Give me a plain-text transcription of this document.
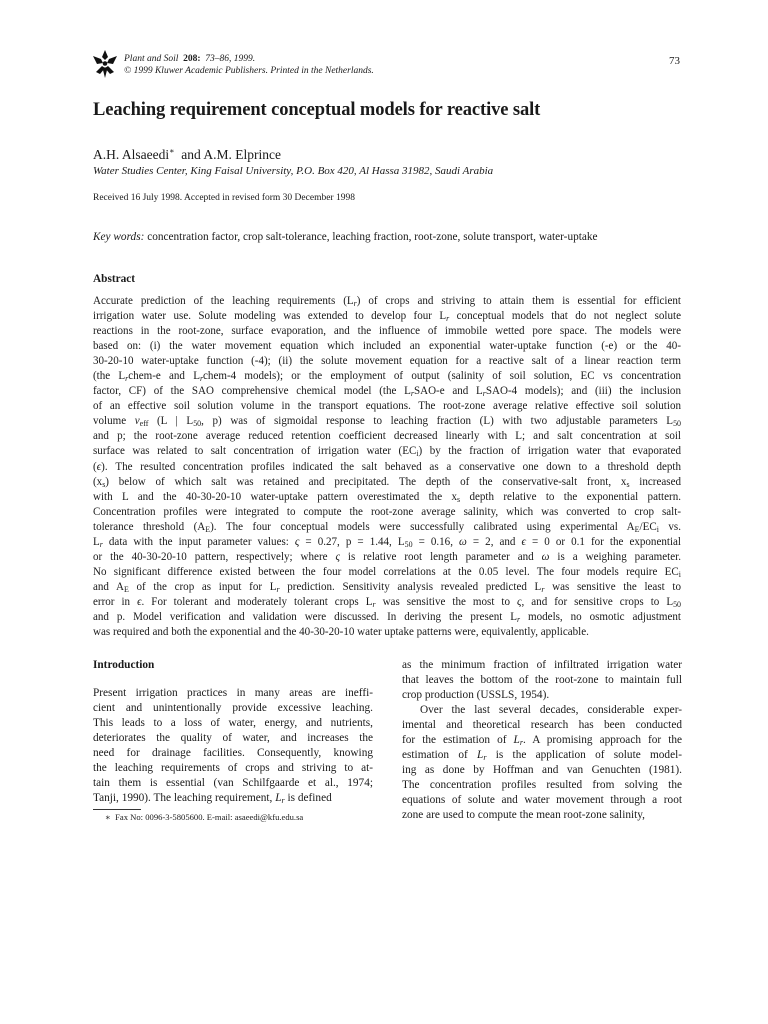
Plant and Soil 208: 73–86, 1999.
© 1999 Kluwer Academic Publishers. Printed in the Netherlands.
73
Leaching requirement conceptual models for reactive salt
A.H. Alsaeedi∗ and A.M. Elprince
Water Studies Center, King Faisal University, P.O. Box 420, Al Hassa 31982, Saudi Arabia
Received 16 July 1998. Accepted in revised form 30 December 1998
Key words: concentration factor, crop salt-tolerance, leaching fraction, root-zone, solute transport, water-uptake
Abstract
Accurate prediction of the leaching requirements $(L_r)$ of crops and striving to attain them is essential for efficient
irrigation water use. Solute modeling was extended to develop four $L_r$ conceptual models that do not neglect solute
reactions in the root-zone, surface evaporation, and the influence of immobile wetted pore space. The models were
based on: (i) the water movement equation which included an exponential water-uptake function (-e) or the 40-
30-20-10 water-uptake function (-4); (ii) the solute movement equation for a reactive salt of a linear reaction term
(the $L_rchem-e$ and $L_rchem-4$ models); or the employment of output (salinity of soil solution, EC vs concentration
factor, CF) of the SAO comprehensive chemical model (the $L_rSAO-e$ and $L_rSAO-4$ models); and (iii) the inclusion
of an effective soil solution volume in the transport equations. The root-zone average relative effective soil solution
volume $v_{eff}$ (L | $L_{50}$, p) was of sigmoidal response to leaching fraction (L) with two adjustable parameters $L_{50}$
and p; the root-zone average reduced retention coefficient decreased linearly with L; and salt concentration at soil
surface was related to salt concentration of irrigation water $(EC_i)$ by the fraction of irrigation water that evaporated
(ϵ). The resulted concentration profiles indicated the salt behaved as a conservative one down to a threshold depth
$(x_s)$ below of which salt was retained and precipitated. The depth of the conservative-salt front, $x_s$ increased
with L and the 40-30-20-10 water-uptake pattern overestimated the $x_s$ depth relative to the exponential pattern.
Concentration profiles were integrated to compute the root-zone average salinity, which was converted to crop salt-
tolerance threshold $(A_E)$. The four conceptual models were successfully calibrated using experimental $A_E/EC_i$ vs.
$L_r$ data with the input parameter values: ς = 0.27, p = 1.44, $L_{50} = 0.16$, ω = 2, and ϵ = 0 or 0.1 for the exponential
or the 40-30-20-10 pattern, respectively; where ς is relative root length parameter and ω is a weighing parameter.
No significant difference existed between the four model correlations at the 0.05 level. The four models require $EC_i$
and $A_E$ of the crop as input for $L_r$ prediction. Sensitivity analysis revealed predicted $L_r$ was sensitive the least to
error in ϵ. For tolerant and moderately tolerant crops $L_r$ was sensitive the most to ς, and for sensitive crops to $L_{50}$
and p. Model verification and validation were discussed. In deriving the present $L_r$ models, no osmotic adjustment
was required and both the exponential and the 40-30-20-10 water uptake patterns were, equivalently, applicable.
Introduction
Present irrigation practices in many areas are ineffi-
cient and unintentionally provide excessive leaching.
This leads to a loss of water, energy, and nutrients,
deteriorates the quality of water, and increases the
need for drainage facilities. Consequently, knowing
the leaching requirements of crops and striving to at-
tain them is essential (van Schilfgaarde et al., 1974;
Tanji, 1990). The leaching requirement, $L_r$ is defined
as the minimum fraction of infiltrated irrigation water
that leaves the bottom of the root-zone to maintain full
crop production (USSLS, 1954).
Over the last several decades, considerable exper-
imental and theoretical research has been conducted
for the estimation of $L_r$. A promising approach for the
estimation of $L_r$ is the application of solute model-
ing as done by Hoffman and van Genuchten (1981).
The concentration profiles resulted from solving the
equations of solute and water movement through a root
zone are used to compute the mean root-zone salinity,
∗ Fax No: 0096-3-5805600. E-mail: asaeedi@kfu.edu.sa
